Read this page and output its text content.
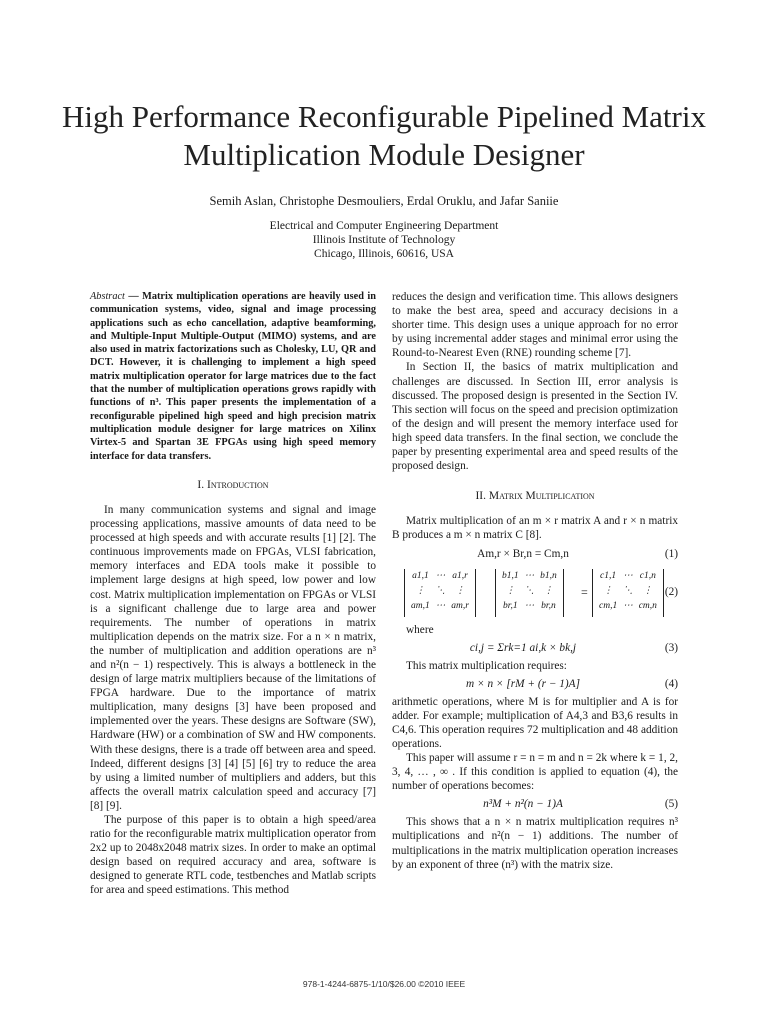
High Performance Reconfigurable Pipelined Matrix
Multiplication Module Designer
Semih Aslan, Christophe Desmouliers, Erdal Oruklu, and Jafar Saniie
Electrical and Computer Engineering Department
Illinois Institute of Technology
Chicago, Illinois, 60616, USA

Abstract — Matrix multiplication operations are heavily used in communication systems, video, signal and image processing applications such as echo cancellation, adaptive beamforming, and Multiple-Input Multiple-Output (MIMO) systems, and are also used in matrix factorizations such as Cholesky, LU, QR and DCT. However, it is challenging to implement a high speed matrix multiplication operator for large matrices due to the fact that the number of multiplication operations grows rapidly with functions of n³. This paper presents the implementation of a reconfigurable pipelined high speed and high precision matrix multiplication module designer for large matrices on Xilinx Virtex-5 and Spartan 3E FPGAs using high speed memory interface for data transfers.

I. Introduction

In many communication systems and signal and image processing applications, massive amounts of data need to be processed at high speeds and with accurate results [1] [2]. The continuous improvements made on FPGAs, VLSI fabrication, memory interfaces and EDA tools make it possible to implement large designs at high speed, low power and low cost. Matrix multiplication implementation on FPGAs or VLSI is a significant challenge due to large area and power requirements. The number of operations in matrix multiplication depends on the matrix size. For a n × n matrix, the number of multiplication and addition operations are n³ and n²(n − 1) respectively. This is always a bottleneck in the design of large matrix multipliers because of the limitations of FPGA hardware. Due to the importance of matrix multiplication, many designs [3] have been proposed and implemented over the years. These designs are Software (SW), Hardware (HW) or a combination of SW and HW components. With these designs, there is a trade off between area and speed. Indeed, different designs [3] [4] [5] [6] try to reduce the area by using a limited number of multipliers and adders, but this affects the overall matrix calculation speed and accuracy [7] [8] [9].

The purpose of this paper is to obtain a high speed/area ratio for the reconfigurable matrix multiplication operator from 2x2 up to 2048x2048 matrix sizes. In order to make an optimal design based on required accuracy and area, software is designed to generate RTL code, testbenches and Matlab scripts for area and speed estimations. This method

reduces the design and verification time. This allows designers to make the best area, speed and accuracy decisions in a shorter time. This design uses a unique approach for no error by using incremental adder stages and minimal error using the Round-to-Nearest Even (RNE) rounding scheme [7].

In Section II, the basics of matrix multiplication and challenges are discussed. In Section III, error analysis is discussed. The proposed design is presented in the Section IV. This section will focus on the speed and precision optimization of the design and will present the memory interface used for high speed data transfers. In the final section, we conclude the paper by presenting experimental area and speed results of the proposed design.

II. Matrix Multiplication

Matrix multiplication of an m × r matrix A and r × n matrix B produces a m × n matrix C [8].

Am,r × Br,n = Cm,n	(1)
a1,1	⋯	a1,r
⋮	⋱	⋮
am,1	⋯	am,r
b1,1	⋯	b1,n
⋮	⋱	⋮
br,1	⋯	br,n
=
c1,1	⋯	c1,n
⋮	⋱	⋮
cm,1	⋯	cm,n
(2)

where

ci,j = Σrk=1 ai,k × bk,j	(3)

This matrix multiplication requires:

m × n × [rM + (r − 1)A]	(4)

arithmetic operations, where M is for multiplier and A is for adder. For example; multiplication of A4,3 and B3,6 results in C4,6. This operation requires 72 multiplication and 48 addition operations.

This paper will assume r = n = m and n = 2k where k = 1, 2, 3, 4, … , ∞ . If this condition is applied to equation (4), the number of operations becomes:

n³M + n²(n − 1)A	(5)

This shows that a n × n matrix multiplication requires n³ multiplications and n²(n − 1) additions. The number of multiplications in the matrix multiplication operation increases by an exponent of three (n³) with the matrix size.

978-1-4244-6875-1/10/$26.00 ©2010 IEEE
